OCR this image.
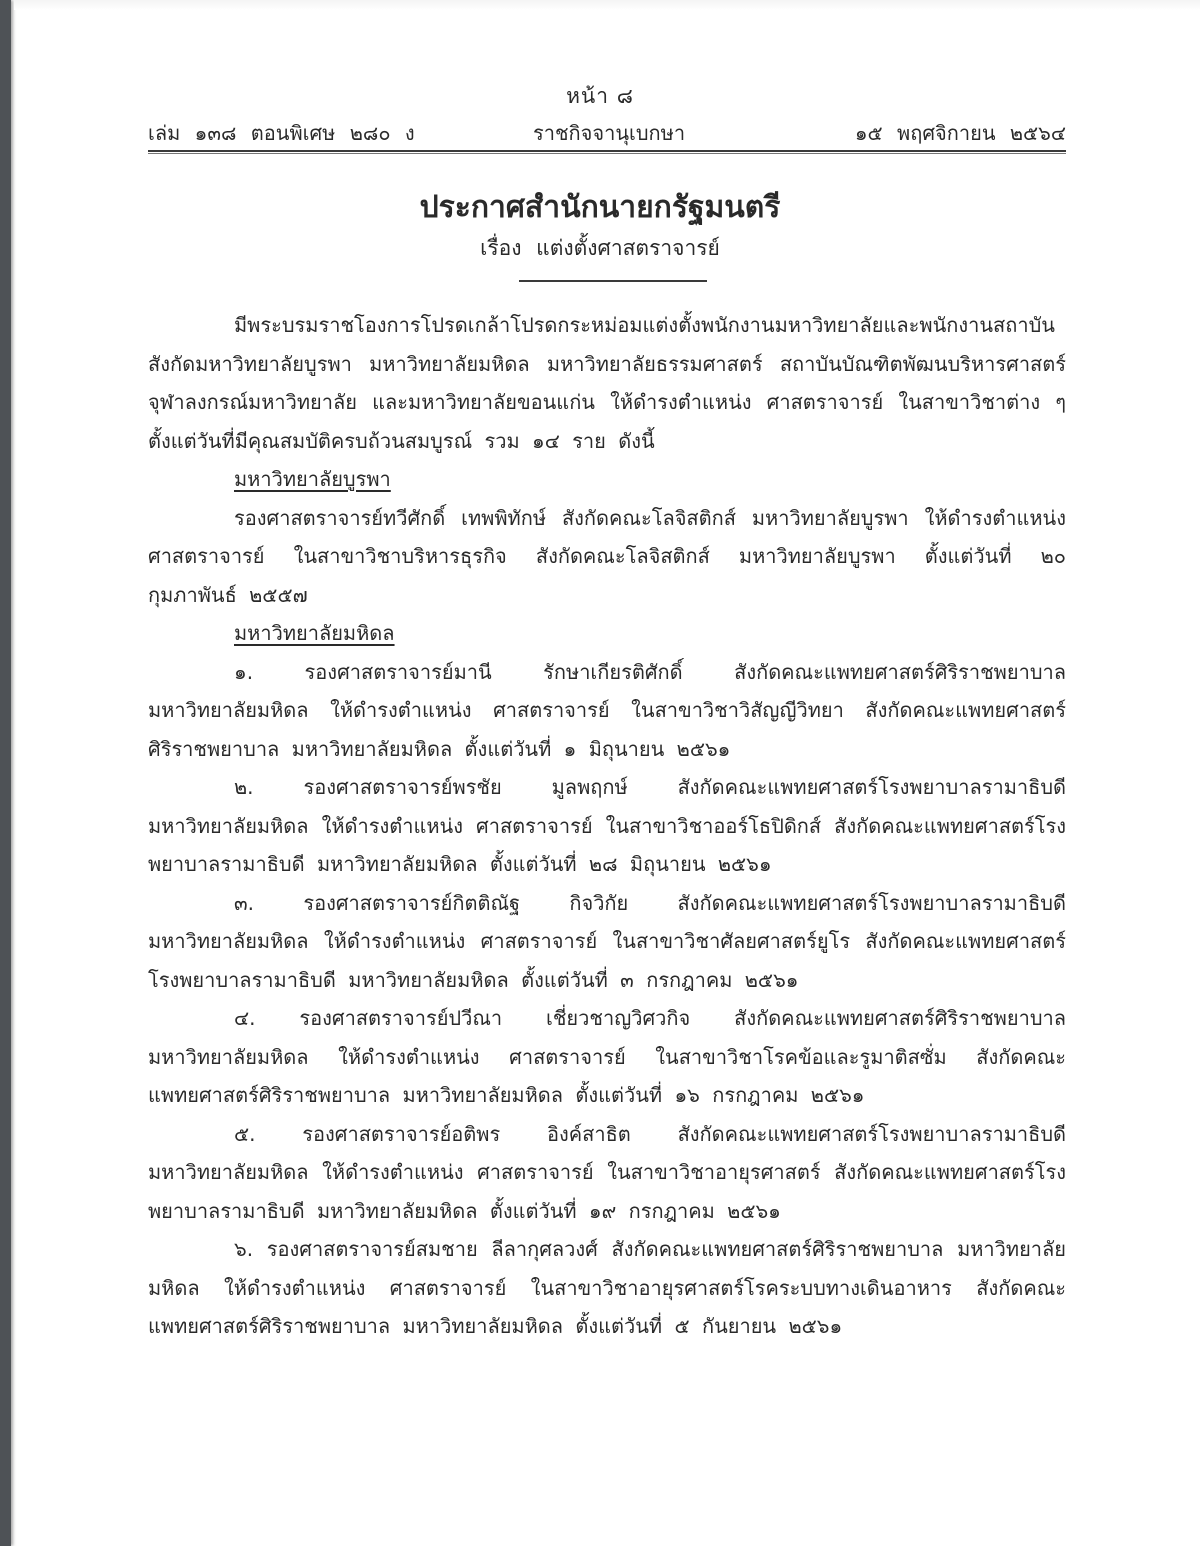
หน้า ๘
เล่ม ๑๓๘ ตอนพิเศษ ๒๘๐ ง	ราชกิจจานุเบกษา	๑๕ พฤศจิกายน ๒๕๖๔
ประกาศสำนักนายกรัฐมนตรี
เรื่อง แต่งตั้งศาสตราจารย์

มีพระบรมราชโองการโปรดเกล้าโปรดกระหม่อมแต่งตั้งพนักงานมหาวิทยาลัยและพนักงานสถาบัน สังกัดมหาวิทยาลัยบูรพา มหาวิทยาลัยมหิดล มหาวิทยาลัยธรรมศาสตร์ สถาบันบัณฑิตพัฒนบริหารศาสตร์ จุฬาลงกรณ์มหาวิทยาลัย และมหาวิทยาลัยขอนแก่น ให้ดำรงตำแหน่ง ศาสตราจารย์ ในสาขาวิชาต่าง ๆ ตั้งแต่วันที่มีคุณสมบัติครบถ้วนสมบูรณ์ รวม ๑๔ ราย ดังนี้

มหาวิทยาลัยบูรพา

รองศาสตราจารย์ทวีศักดิ์ เทพพิทักษ์ สังกัดคณะโลจิสติกส์ มหาวิทยาลัยบูรพา ให้ดำรงตำแหน่ง ศาสตราจารย์ ในสาขาวิชาบริหารธุรกิจ สังกัดคณะโลจิสติกส์ มหาวิทยาลัยบูรพา ตั้งแต่วันที่ ๒๐ กุมภาพันธ์ ๒๕๕๗

มหาวิทยาลัยมหิดล

๑. รองศาสตราจารย์มานี รักษาเกียรติศักดิ์ สังกัดคณะแพทยศาสตร์ศิริราชพยาบาล มหาวิทยาลัยมหิดล ให้ดำรงตำแหน่ง ศาสตราจารย์ ในสาขาวิชาวิสัญญีวิทยา สังกัดคณะแพทยศาสตร์ศิริราชพยาบาล มหาวิทยาลัยมหิดล ตั้งแต่วันที่ ๑ มิถุนายน ๒๕๖๑

๒. รองศาสตราจารย์พรชัย มูลพฤกษ์ สังกัดคณะแพทยศาสตร์โรงพยาบาลรามาธิบดี มหาวิทยาลัยมหิดล ให้ดำรงตำแหน่ง ศาสตราจารย์ ในสาขาวิชาออร์โธปิดิกส์ สังกัดคณะแพทยศาสตร์โรงพยาบาลรามาธิบดี มหาวิทยาลัยมหิดล ตั้งแต่วันที่ ๒๘ มิถุนายน ๒๕๖๑

๓. รองศาสตราจารย์กิตติณัฐ กิจวิกัย สังกัดคณะแพทยศาสตร์โรงพยาบาลรามาธิบดี มหาวิทยาลัยมหิดล ให้ดำรงตำแหน่ง ศาสตราจารย์ ในสาขาวิชาศัลยศาสตร์ยูโร สังกัดคณะแพทยศาสตร์โรงพยาบาลรามาธิบดี มหาวิทยาลัยมหิดล ตั้งแต่วันที่ ๓ กรกฎาคม ๒๕๖๑

๔. รองศาสตราจารย์ปวีณา เชี่ยวชาญวิศวกิจ สังกัดคณะแพทยศาสตร์ศิริราชพยาบาล มหาวิทยาลัยมหิดล ให้ดำรงตำแหน่ง ศาสตราจารย์ ในสาขาวิชาโรคข้อและรูมาติสซั่ม สังกัดคณะแพทยศาสตร์ศิริราชพยาบาล มหาวิทยาลัยมหิดล ตั้งแต่วันที่ ๑๖ กรกฎาคม ๒๕๖๑

๕. รองศาสตราจารย์อติพร อิงค์สาธิต สังกัดคณะแพทยศาสตร์โรงพยาบาลรามาธิบดี มหาวิทยาลัยมหิดล ให้ดำรงตำแหน่ง ศาสตราจารย์ ในสาขาวิชาอายุรศาสตร์ สังกัดคณะแพทยศาสตร์โรงพยาบาลรามาธิบดี มหาวิทยาลัยมหิดล ตั้งแต่วันที่ ๑๙ กรกฎาคม ๒๕๖๑

๖. รองศาสตราจารย์สมชาย ลีลากุศลวงศ์ สังกัดคณะแพทยศาสตร์ศิริราชพยาบาล มหาวิทยาลัยมหิดล ให้ดำรงตำแหน่ง ศาสตราจารย์ ในสาขาวิชาอายุรศาสตร์โรคระบบทางเดินอาหาร สังกัดคณะแพทยศาสตร์ศิริราชพยาบาล มหาวิทยาลัยมหิดล ตั้งแต่วันที่ ๕ กันยายน ๒๕๖๑
